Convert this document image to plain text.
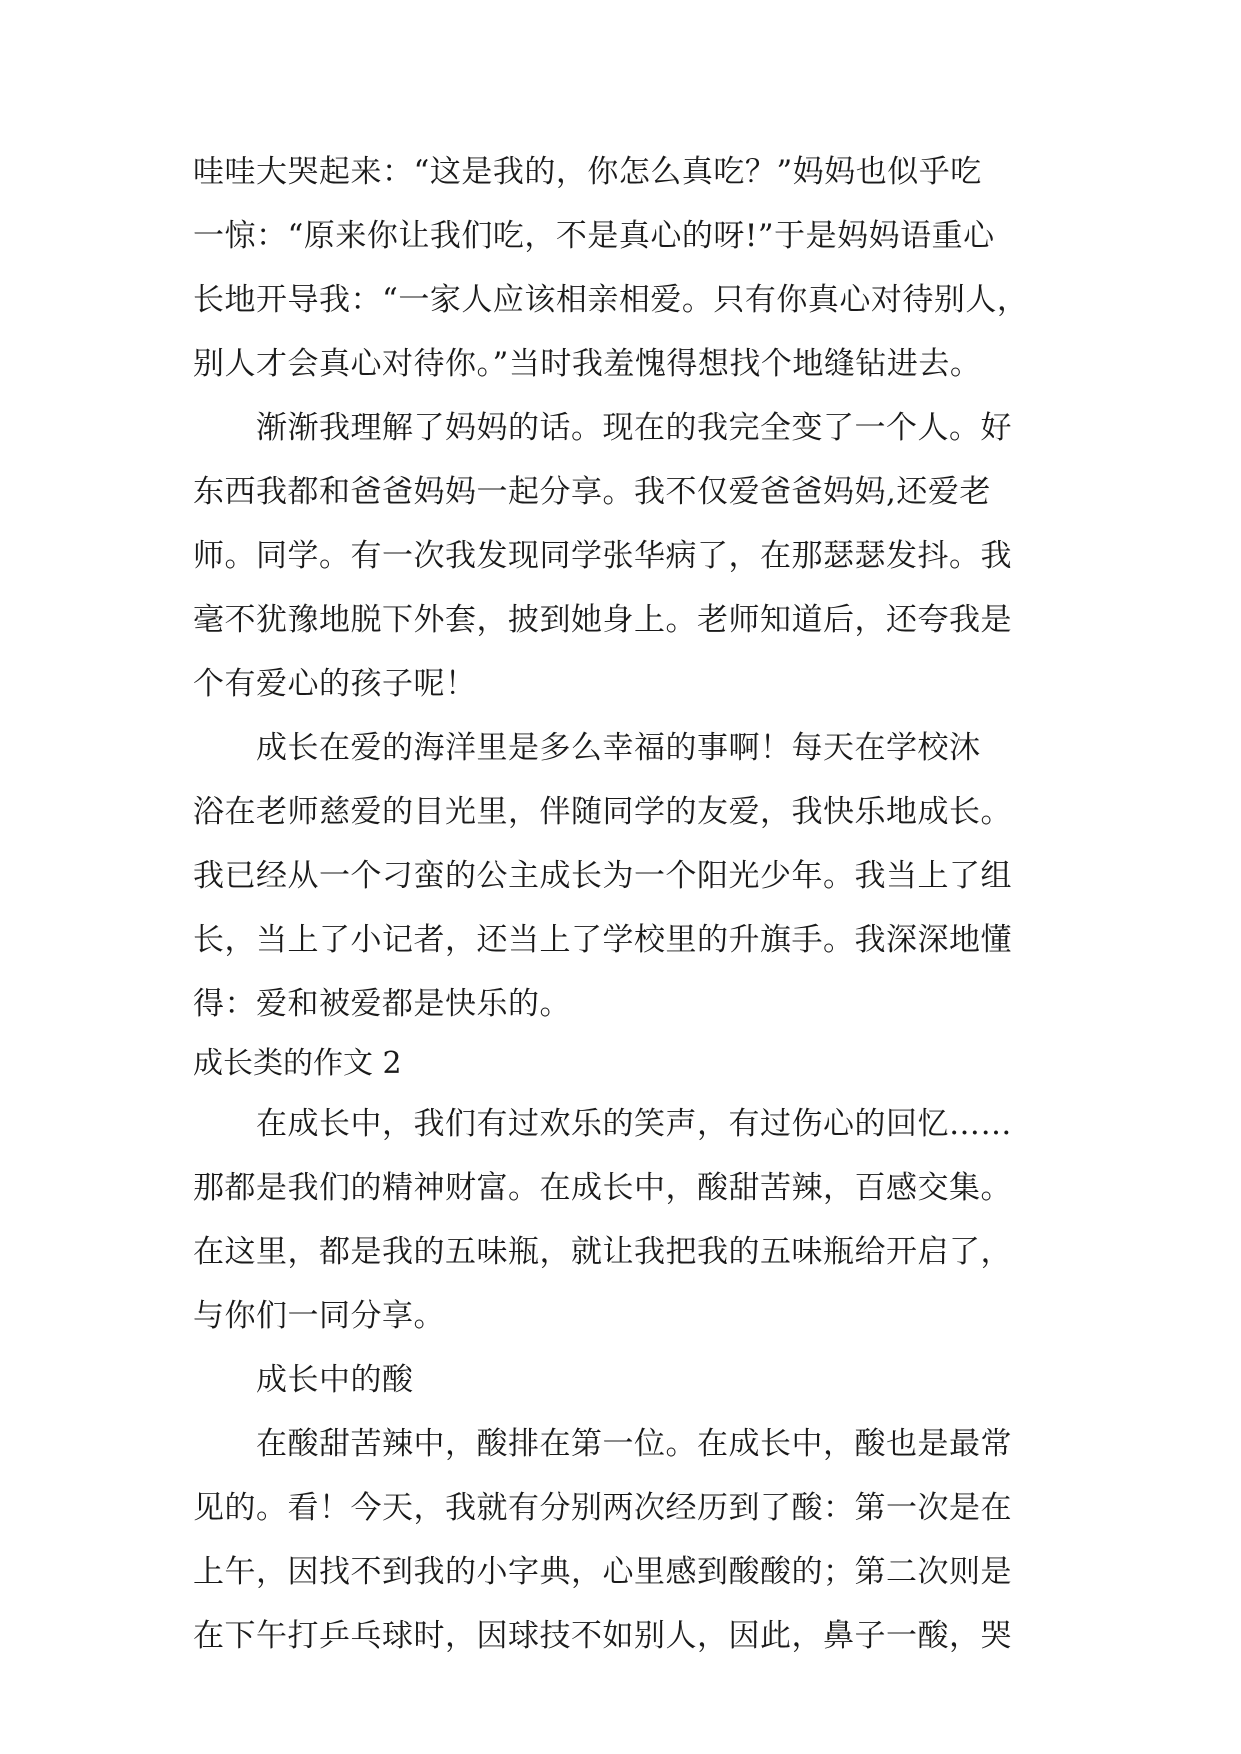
哇哇大哭起来：“这是我的，你怎么真吃？”妈妈也似乎吃
一惊：“原来你让我们吃，不是真心的呀!”于是妈妈语重心
长地开导我：“一家人应该相亲相爱。只有你真心对待别人，
别人才会真心对待你。”当时我羞愧得想找个地缝钻进去。
　　渐渐我理解了妈妈的话。现在的我完全变了一个人。好
东西我都和爸爸妈妈一起分享。我不仅爱爸爸妈妈,还爱老
师。同学。有一次我发现同学张华病了，在那瑟瑟发抖。我
毫不犹豫地脱下外套，披到她身上。老师知道后，还夸我是
个有爱心的孩子呢！
　　成长在爱的海洋里是多么幸福的事啊！每天在学校沐
浴在老师慈爱的目光里，伴随同学的友爱，我快乐地成长。
我已经从一个刁蛮的公主成长为一个阳光少年。我当上了组
长，当上了小记者，还当上了学校里的升旗手。我深深地懂
得：爱和被爱都是快乐的。
成长类的作文 2
　　在成长中，我们有过欢乐的笑声，有过伤心的回忆……
那都是我们的精神财富。在成长中，酸甜苦辣，百感交集。
在这里，都是我的五味瓶，就让我把我的五味瓶给开启了，
与你们一同分享。
　　成长中的酸
　　在酸甜苦辣中，酸排在第一位。在成长中，酸也是最常
见的。看！今天，我就有分别两次经历到了酸：第一次是在
上午，因找不到我的小字典，心里感到酸酸的；第二次则是
在下午打乒乓球时，因球技不如别人，因此，鼻子一酸，哭
